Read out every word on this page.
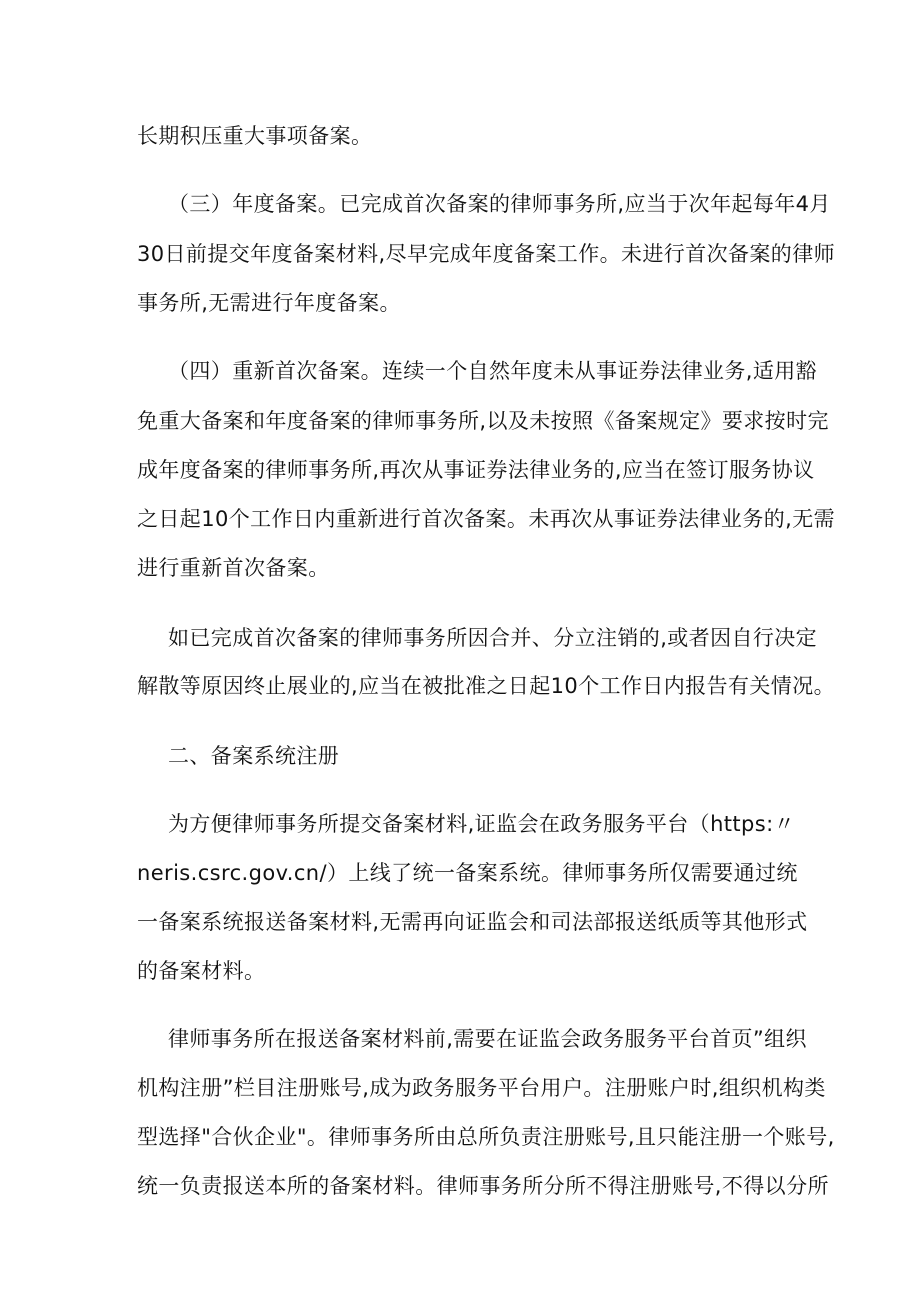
长期积压重大事项备案。
（三）年度备案。已完成首次备案的律师事务所,应当于次年起每年4月
30日前提交年度备案材料,尽早完成年度备案工作。未进行首次备案的律师
事务所,无需进行年度备案。
（四）重新首次备案。连续一个自然年度未从事证券法律业务,适用豁
免重大备案和年度备案的律师事务所,以及未按照《备案规定》要求按时完
成年度备案的律师事务所,再次从事证券法律业务的,应当在签订服务协议
之日起10个工作日内重新进行首次备案。未再次从事证券法律业务的,无需
进行重新首次备案。
如已完成首次备案的律师事务所因合并、分立注销的,或者因自行决定
解散等原因终止展业的,应当在被批准之日起10个工作日内报告有关情况。
二、备案系统注册
为方便律师事务所提交备案材料,证监会在政务服务平台（https:〃
neris.csrc.gov.cn/）上线了统一备案系统。律师事务所仅需要通过统
一备案系统报送备案材料,无需再向证监会和司法部报送纸质等其他形式
的备案材料。
律师事务所在报送备案材料前,需要在证监会政务服务平台首页”组织
机构注册”栏目注册账号,成为政务服务平台用户。注册账户时,组织机构类
型选择"合伙企业"。律师事务所由总所负责注册账号,且只能注册一个账号,
统一负责报送本所的备案材料。律师事务所分所不得注册账号,不得以分所
